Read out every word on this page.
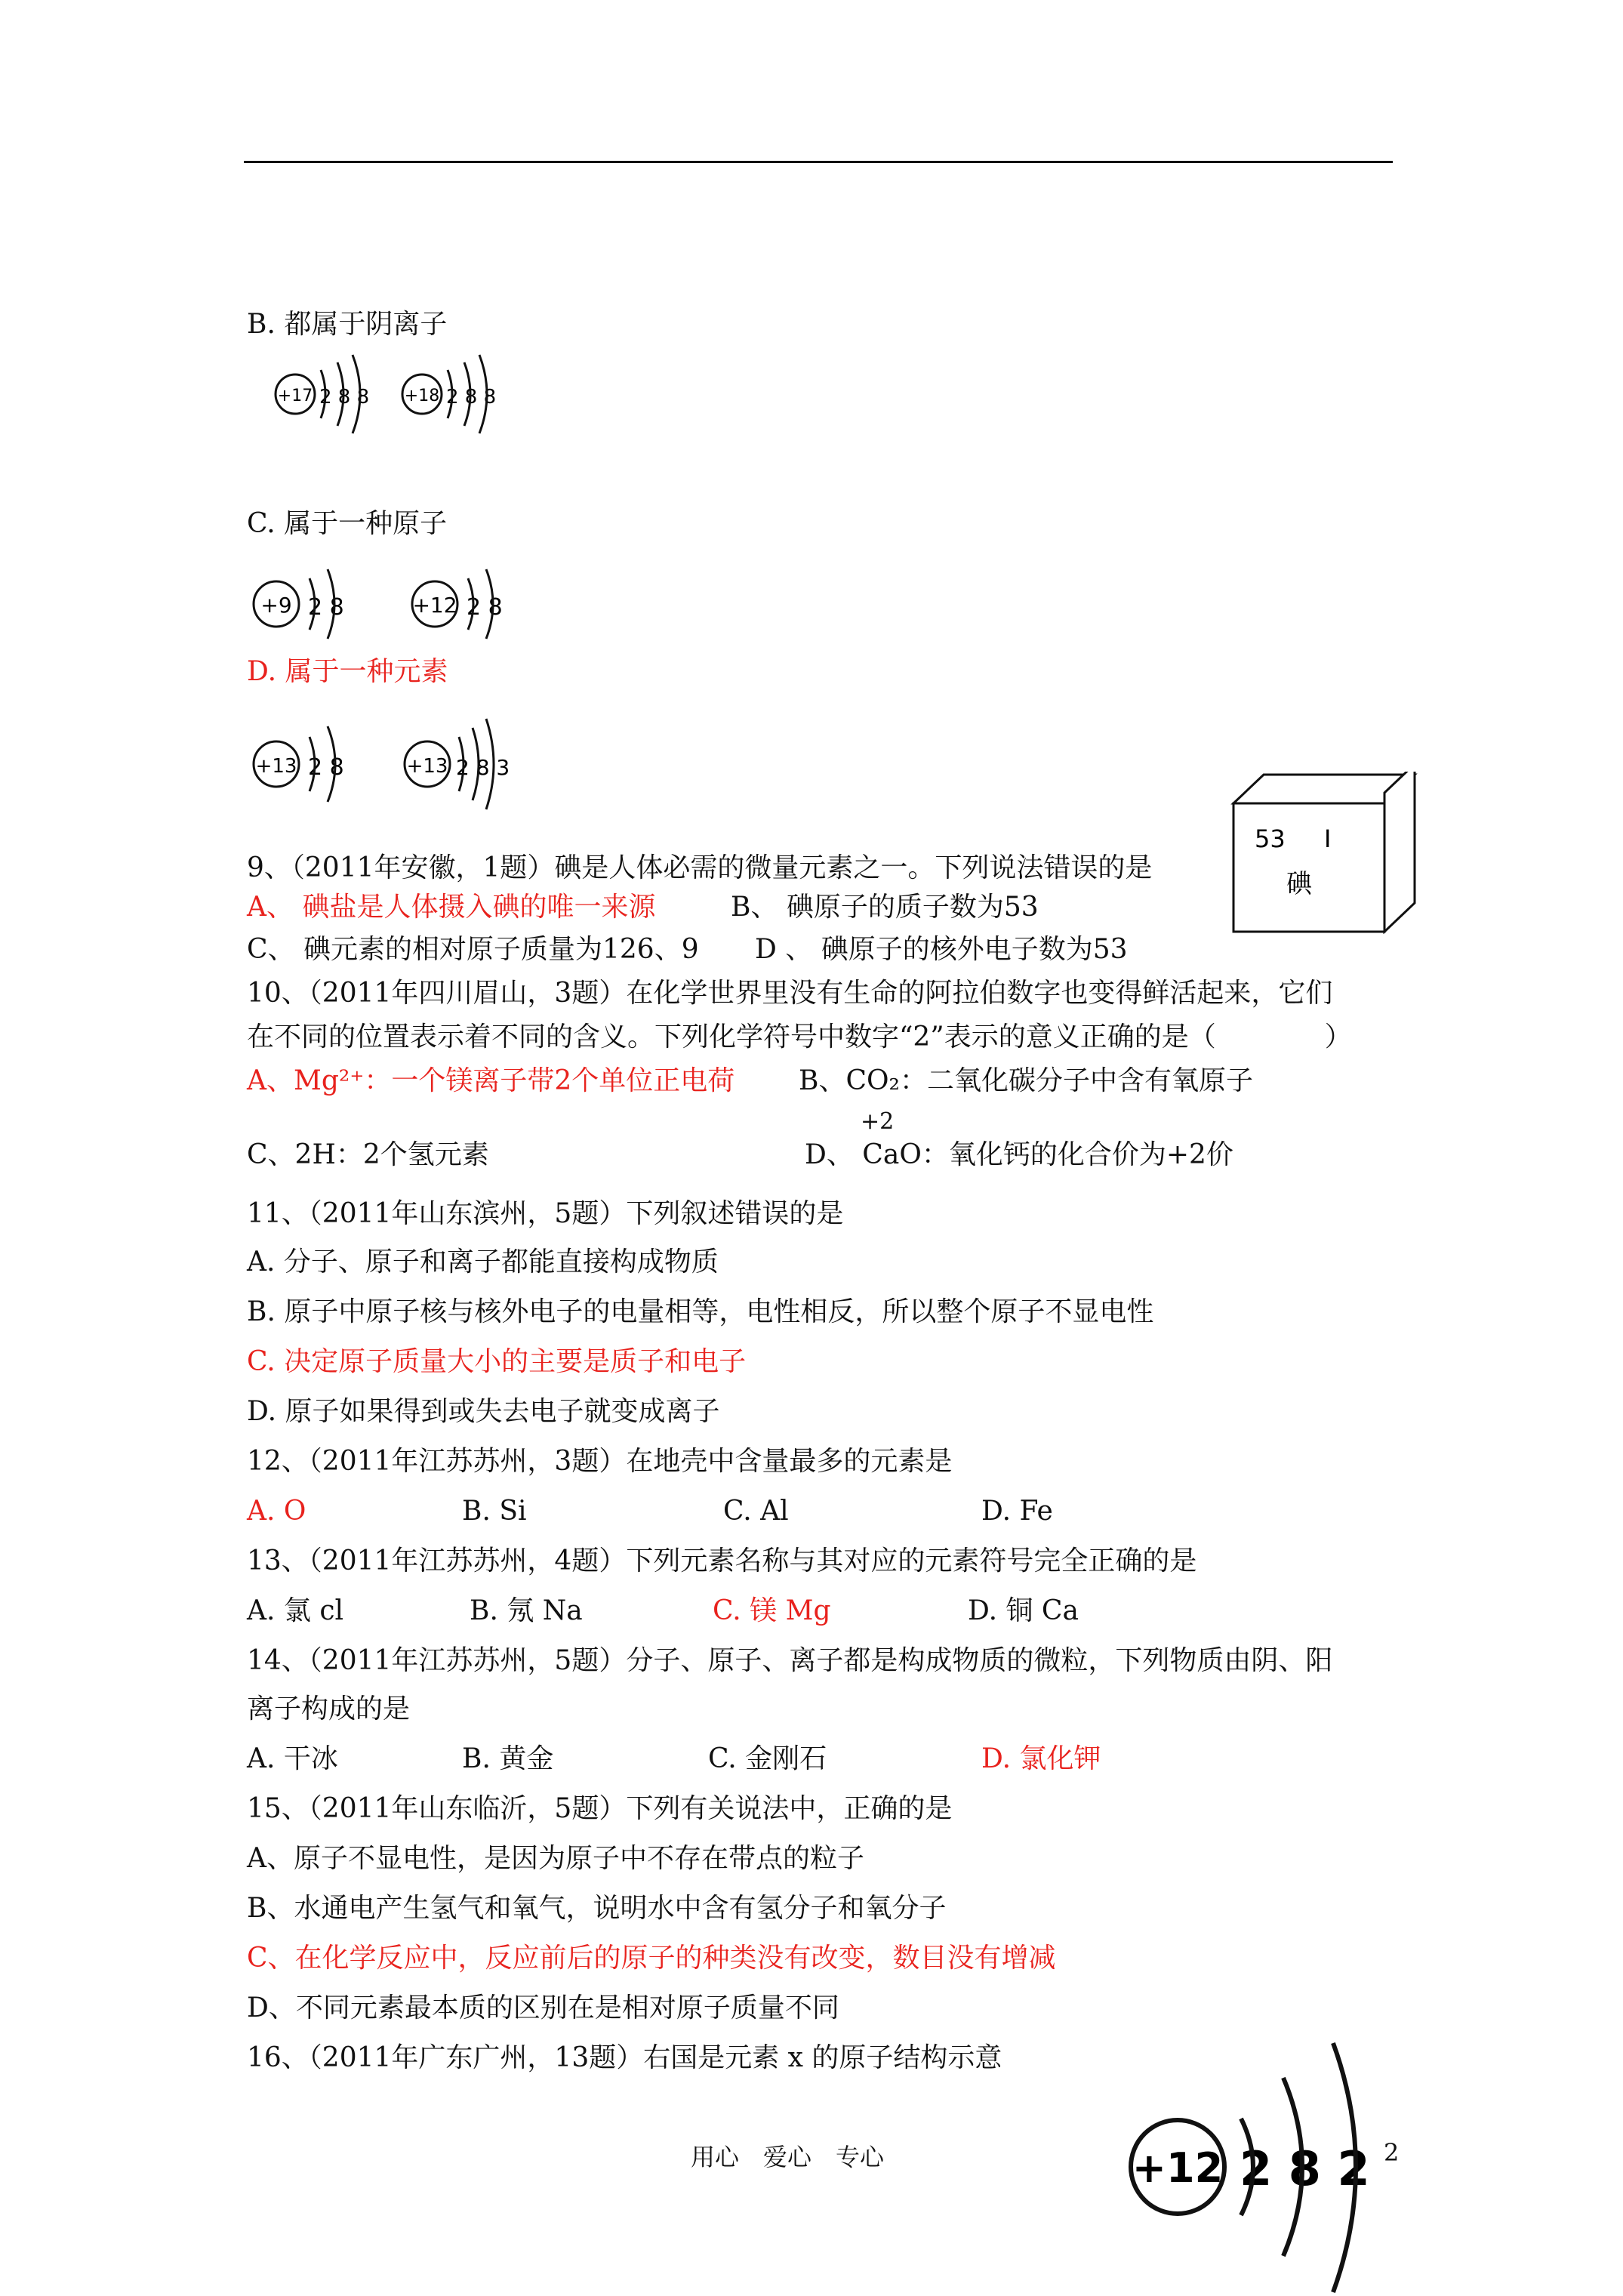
B. 都属于阴离子
+17 2 8 8 +18 2 8 8
C. 属于一种原子
+9 2 8	+12 2 8
D. 属于一种元素
+13 2 8	+13 2 8 3
53 I
碘
9、（2011年安徽，1题）碘是人体必需的微量元素之一。下列说法错误的是
A、 碘盐是人体摄入碘的唯一来源	B、 碘原子的质子数为53
C、 碘元素的相对原子质量为126、9 D 、 碘原子的核外电子数为53
10、（2011年四川眉山，3题）在化学世界里没有生命的阿拉伯数字也变得鲜活起来，它们
在不同的位置表示着不同的含义。下列化学符号中数字“2”表示的意义正确的是（　　　　）
A、Mg²⁺：一个镁离子带2个单位正电荷 B、CO₂：二氧化碳分子中含有氧原子
+2
C、2H：2个氢元素	D、 CaO：氧化钙的化合价为+2价
11、（2011年山东滨州，5题）下列叙述错误的是
A. 分子、原子和离子都能直接构成物质
B. 原子中原子核与核外电子的电量相等，电性相反，所以整个原子不显电性
C. 决定原子质量大小的主要是质子和电子
D. 原子如果得到或失去电子就变成离子
12、（2011年江苏苏州，3题）在地壳中含量最多的元素是
A. O	B. Si	C. Al	D. Fe
13、（2011年江苏苏州，4题）下列元素名称与其对应的元素符号完全正确的是
A. 氯 cl	B. 氖 Na	C. 镁 Mg	D. 铜 Ca
14、（2011年江苏苏州，5题）分子、原子、离子都是构成物质的微粒，下列物质由阴、阳
离子构成的是
A. 干冰	B. 黄金	C. 金刚石	D. 氯化钾
15、（2011年山东临沂，5题）下列有关说法中，正确的是
A、原子不显电性，是因为原子中不存在带点的粒子
B、水通电产生氢气和氧气，说明水中含有氢分子和氧分子
C、在化学反应中，反应前后的原子的种类没有改变，数目没有增减
D、不同元素最本质的区别在是相对原子质量不同
16、（2011年广东广州，13题）右国是元素 x 的原子结构示意
+12 2 8 2
用心　爱心　专心	2
